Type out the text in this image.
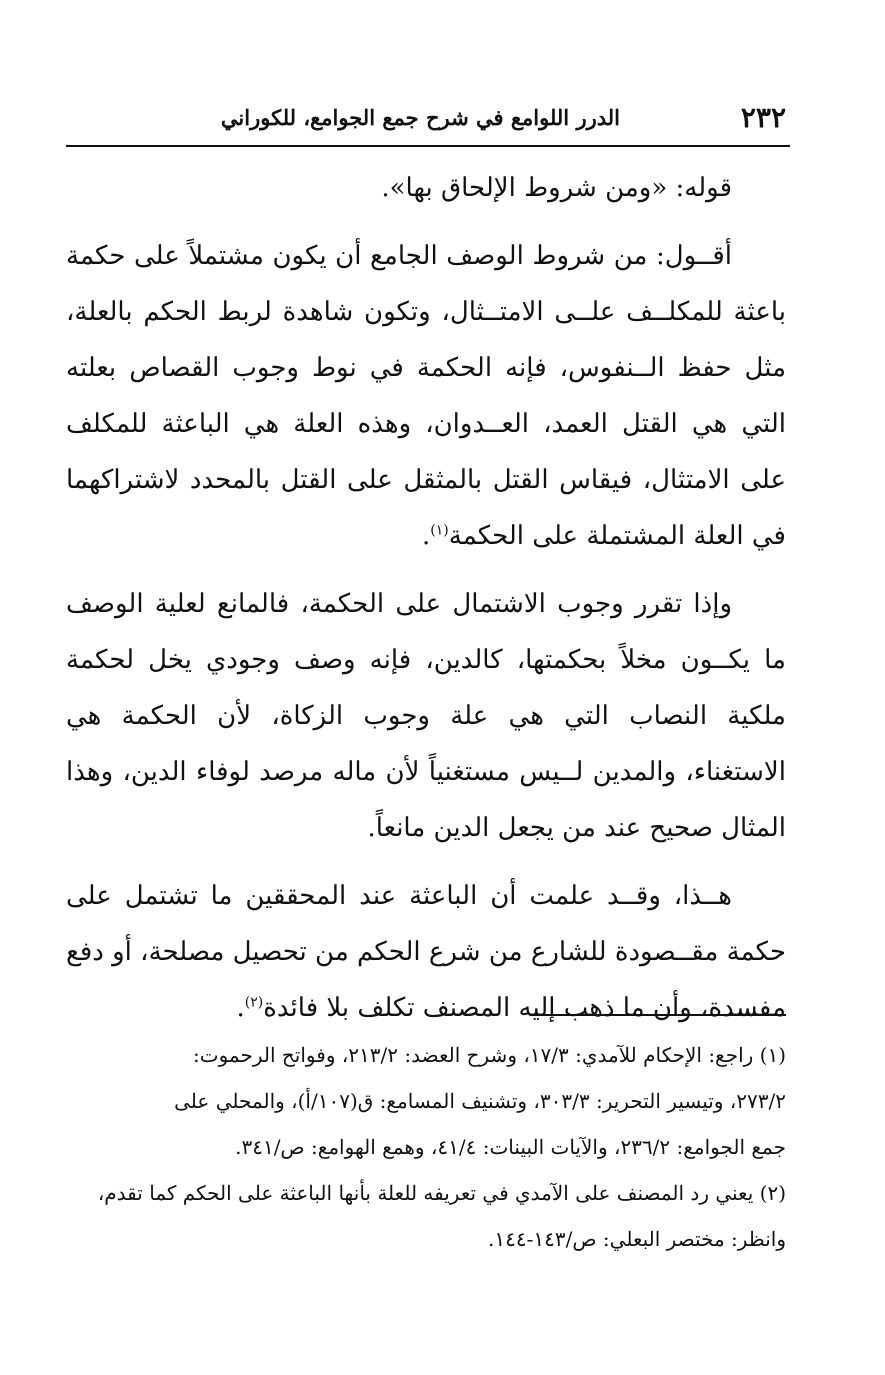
٢٣٢
الدرر اللوامع في شرح جمع الجوامع، للكوراني

قوله: «ومن شروط الإلحاق بها».

أقــول: من شروط الوصف الجامع أن يكون مشتملاً على حكمة باعثة للمكلــف علــى الامتــثال، وتكون شاهدة لربط الحكم بالعلة، مثل حفظ الــنفوس، فإنه الحكمة في نوط وجوب القصاص بعلته التي هي القتل العمد، العــدوان، وهذه العلة هي الباعثة للمكلف على الامتثال، فيقاس القتل بالمثقل على القتل بالمحدد لاشتراكهما في العلة المشتملة على الحكمة$^{(١)}$.

وإذا تقرر وجوب الاشتمال على الحكمة، فالمانع لعلية الوصف ما يكــون مخلاً بحكمتها، كالدين، فإنه وصف وجودي يخل لحكمة ملكية النصاب التي هي علة وجوب الزكاة، لأن الحكمة هي الاستغناء، والمدين لــيس مستغنياً لأن ماله مرصد لوفاء الدين، وهذا المثال صحيح عند من يجعل الدين مانعاً.

هــذا، وقــد علمت أن الباعثة عند المحققين ما تشتمل على حكمة مقــصودة للشارع من شرع الحكم من تحصيل مصلحة، أو دفع مفسدة، وأن ما ذهب إليه المصنف تكلف بلا فائدة$^{(٢)}$.

(١) راجع: الإحكام للآمدي: ١٧/٣، وشرح العضد: ٢١٣/٢، وفواتح الرحموت:

٢٧٣/٢، وتيسير التحرير: ٣٠٣/٣، وتشنيف المسامع: ق(١٠٧/أ)، والمحلي على

جمع الجوامع: ٢٣٦/٢، والآيات البينات: ٤١/٤، وهمع الهوامع: ص/٣٤١.

(٢) يعني رد المصنف على الآمدي في تعريفه للعلة بأنها الباعثة على الحكم كما تقدم،

وانظر: مختصر البعلي: ص/١٤٣-١٤٤.
